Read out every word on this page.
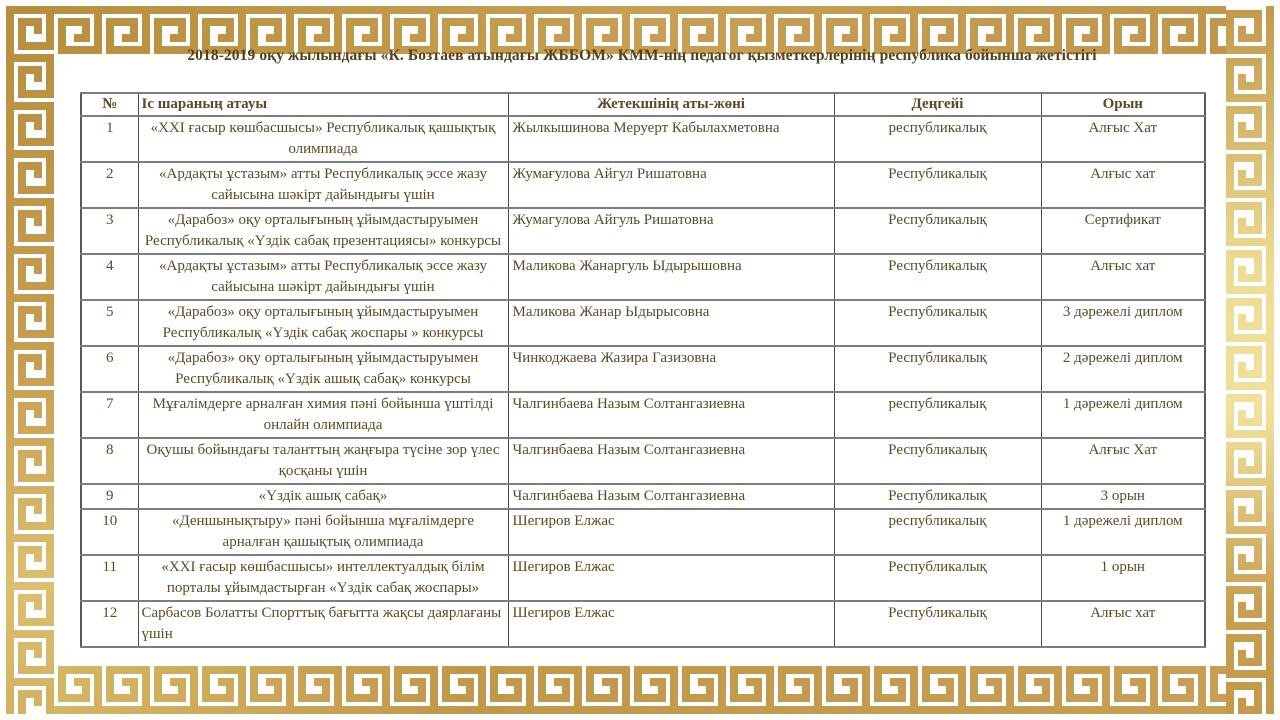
2018-2019 оқу жылындағы «К. Бозтаев атындағы ЖББОМ» КММ-нің педагог қызметкерлерінің республика бойынша жетістігі
№	Іс шараның атауы	Жетекшінің аты-жөні	Деңгейі	Орын
1	«XXI ғасыр көшбасшысы» Республикалық қашықтық олимпиада	Жылкышинова Меруерт Кабылахметовна	республикалық	Алғыс Хат
2	«Ардақты ұстазым» атты Республикалық эссе жазу сайысына шәкірт дайындығы үшін	Жумағулова Айгул Ришатовна	Республикалық	Алғыс хат
3	«Дарабоз» оқу орталығының ұйымдастыруымен Республикалық «Үздік сабақ презентациясы» конкурсы	Жумагулова Айгуль Ришатовна	Республикалық	Сертификат
4	«Ардақты ұстазым» атты Республикалық эссе жазу сайысына шәкірт дайындығы үшін	Маликова Жанаргуль Ыдырышовна	Республикалық	Алғыс хат
5	«Дарабоз» оқу орталығының ұйымдастыруымен Республикалық «Үздік сабақ жоспары » конкурсы	Маликова Жанар Ыдырысовна	Республикалық	3 дәрежелі диплом
6	«Дарабоз» оқу орталығының ұйымдастыруымен Республикалық «Үздік ашық сабақ» конкурсы	Чинкоджаева Жазира Газизовна	Республикалық	2 дәрежелі диплом
7	Мұғалімдерге арналған химия пәні бойынша үштілді онлайн олимпиада	Чалгинбаева Назым Солтангазиевна	республикалық	1 дәрежелі диплом
8	Оқушы бойындағы таланттың жаңғыра түсіне зор үлес қосқаны үшін	Чалгинбаева Назым Солтангазиевна	Республикалық	Алғыс Хат
9	«Үздік ашық сабақ»	Чалгинбаева Назым Солтангазиевна	Республикалық	3 орын
10	«Деншынықтыру» пәні бойынша мұғалімдерге арналған қашықтық олимпиада	Шегиров Елжас	республикалық	1 дәрежелі диплом
11	«XXI ғасыр көшбасшысы» интеллектуалдық білім порталы ұйымдастырған «Үздік сабақ жоспары»	Шегиров Елжас	Республикалық	1 орын
12	Сарбасов Болатты Спорттық бағытта жақсы даярлағаны үшін	Шегиров Елжас	Республикалық	Алғыс хат
